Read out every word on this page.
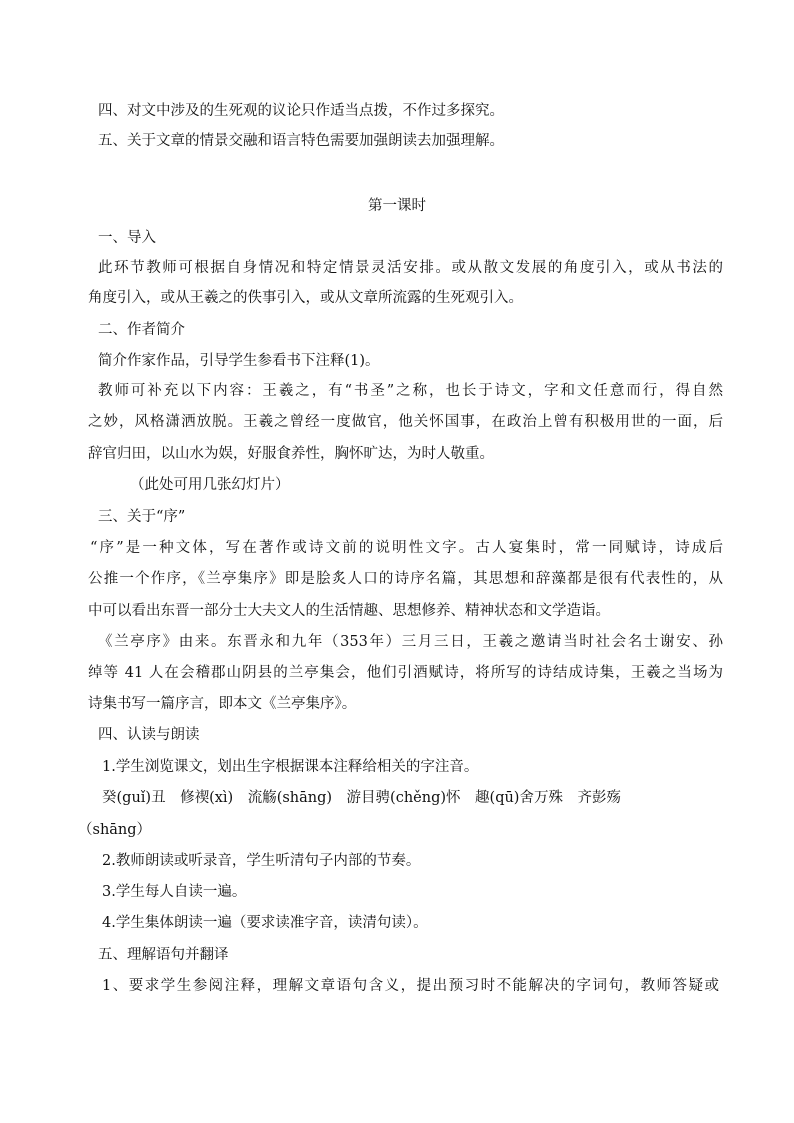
四、对文中涉及的生死观的议论只作适当点拨，不作过多探究。
五、关于文章的情景交融和语言特色需要加强朗读去加强理解。
第一课时
一、导入
此环节教师可根据自身情况和特定情景灵活安排。或从散文发展的角度引入，或从书法的
角度引入，或从王羲之的佚事引入，或从文章所流露的生死观引入。
二、作者简介
简介作家作品，引导学生参看书下注释(1)。
教师可补充以下内容：王羲之，有“书圣”之称，也长于诗文，字和文任意而行，得自然
之妙，风格潇洒放脱。王羲之曾经一度做官，他关怀国事，在政治上曾有积极用世的一面，后
辞官归田，以山水为娱，好服食养性，胸怀旷达，为时人敬重。
（此处可用几张幻灯片）
三、关于“序”
“序”是一种文体，写在著作或诗文前的说明性文字。古人宴集时，常一同赋诗，诗成后
公推一个作序，《兰亭集序》即是脍炙人口的诗序名篇，其思想和辞藻都是很有代表性的，从
中可以看出东晋一部分士大夫文人的生活情趣、思想修养、精神状态和文学造诣。
《兰亭序》由来。东晋永和九年（353年）三月三日，王羲之邀请当时社会名士谢安、孙
绰等 41 人在会稽郡山阴县的兰亭集会，他们引酒赋诗，将所写的诗结成诗集，王羲之当场为
诗集书写一篇序言，即本文《兰亭集序》。
四、认读与朗读
1.学生浏览课文，划出生字根据课本注释给相关的字注音。
癸(guǐ)丑　修禊(xì)　流觞(shāng)　游目骋(chěng)怀　趣(qū)舍万殊　齐彭殇
（shāng）
2.教师朗读或听录音，学生听清句子内部的节奏。
3.学生每人自读一遍。
4.学生集体朗读一遍（要求读准字音，读清句读）。
五、理解语句并翻译
1、要求学生参阅注释，理解文章语句含义，提出预习时不能解决的字词句，教师答疑或
